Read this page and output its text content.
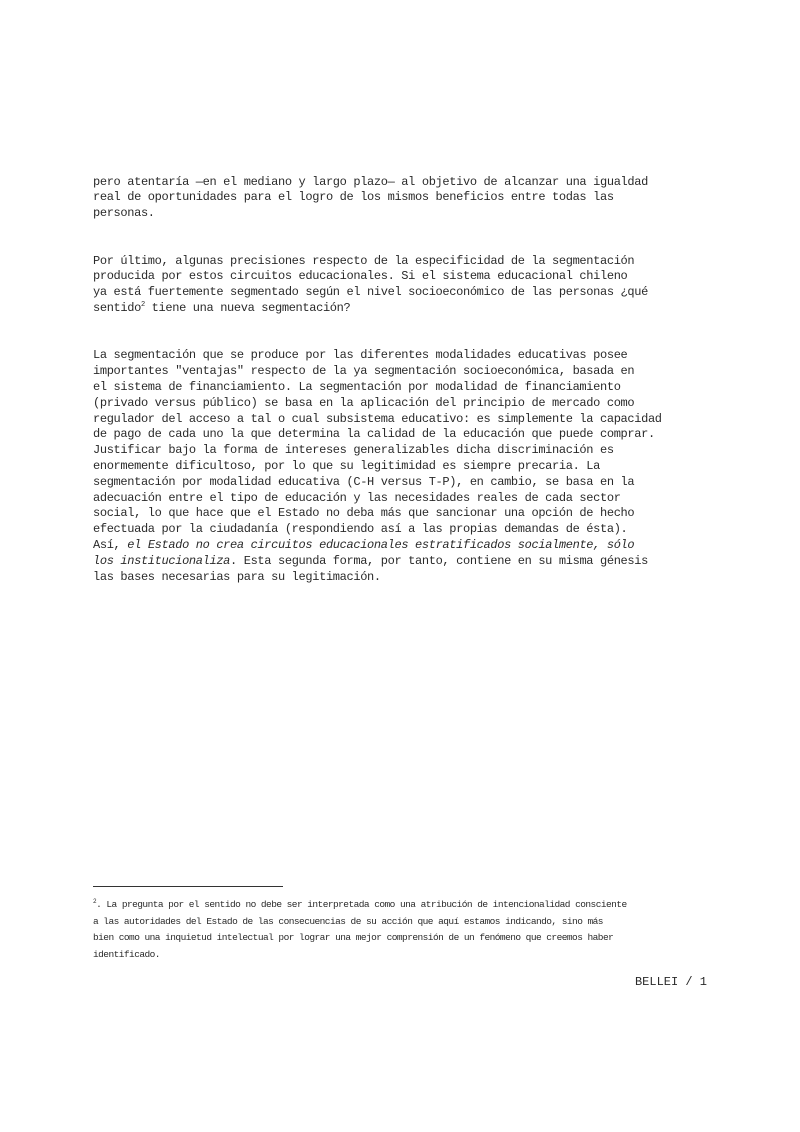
pero atentaría —en el mediano y largo plazo— al objetivo de alcanzar una igualdad
real de oportunidades para el logro de los mismos beneficios entre todas las
personas.

Por último, algunas precisiones respecto de la especificidad de la segmentación
producida por estos circuitos educacionales. Si el sistema educacional chileno
ya está fuertemente segmentado según el nivel socioeconómico de las personas ¿qué
sentido$^2$ tiene una nueva segmentación?

La segmentación que se produce por las diferentes modalidades educativas posee
importantes "ventajas" respecto de la ya segmentación socioeconómica, basada en
el sistema de financiamiento. La segmentación por modalidad de financiamiento
(privado versus público) se basa en la aplicación del principio de mercado como
regulador del acceso a tal o cual subsistema educativo: es simplemente la capacidad
de pago de cada uno la que determina la calidad de la educación que puede comprar.
Justificar bajo la forma de intereses generalizables dicha discriminación es
enormemente dificultoso, por lo que su legitimidad es siempre precaria. La
segmentación por modalidad educativa (C-H versus T-P), en cambio, se basa en la
adecuación entre el tipo de educación y las necesidades reales de cada sector
social, lo que hace que el Estado no deba más que sancionar una opción de hecho
efectuada por la ciudadanía (respondiendo así a las propias demandas de ésta).
Así, el Estado no crea circuitos educacionales estratificados socialmente, sólo
los institucionaliza. Esta segunda forma, por tanto, contiene en su misma génesis
las bases necesarias para su legitimación.

$^2$. La pregunta por el sentido no debe ser interpretada como una atribución de intencionalidad consciente
a las autoridades del Estado de las consecuencias de su acción que aquí estamos indicando, sino más
bien como una inquietud intelectual por lograr una mejor comprensión de un fenómeno que creemos haber
identificado.
BELLEI / 1
